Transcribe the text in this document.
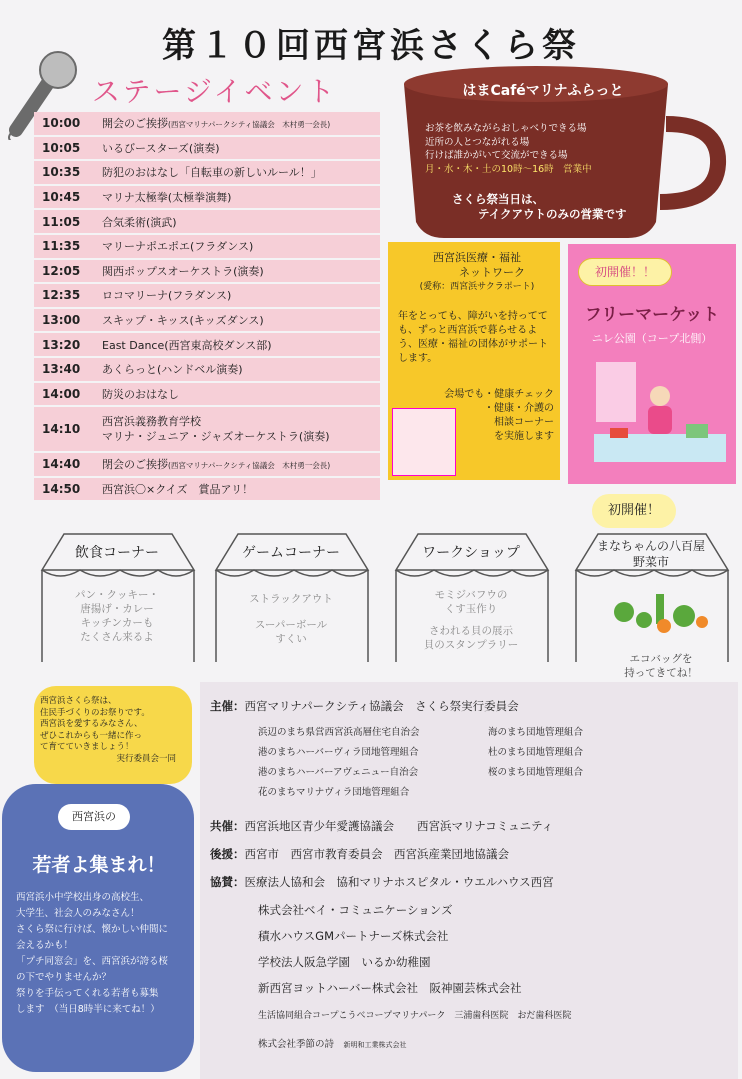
第１０回西宮浜さくら祭
ステージイベント
10:00	開会のご挨拶(西宮マリナパークシティ協議会　木村勇一会長)
10:05	いるびースターズ(演奏)
10:35	防犯のおはなし「自転車の新しいルール！」
10:45	マリナ太極拳(太極拳演舞)
11:05	合気柔術(演武)
11:35	マリーナポエポエ(フラダンス)
12:05	関西ポップスオーケストラ(演奏)
12:35	ロコマリーナ(フラダンス)
13:00	スキップ・キッス(キッズダンス)
13:20	East Dance(西宮東高校ダンス部)
13:40	あくらっと(ハンドベル演奏)
14:00	防災のおはなし
14:10
西宮浜義務教育学校
マリナ・ジュニア・ジャズオーケストラ(演奏)
14:40	閉会のご挨拶(西宮マリナパークシティ協議会　木村勇一会長)
14:50	西宮浜〇×クイズ　賞品アリ！
はまCaféマリナふらっと
お茶を飲みながらおしゃべりできる場
近所の人とつながれる場
行けば誰かがいて交流ができる場
月・水・木・土の10時～16時　営業中
さくら祭当日は、
テイクアウトのみの営業です
西宮浜医療・福祉
ネットワーク
(愛称：西宮浜サクラポート)
年をとっても、障がいを持ってても、ずっと西宮浜で暮らせるよう、医療・福祉の団体がサポートします。
会場でも・健康チェック
・健康・介護の
相談コーナー
を実施します
初開催！！
フリーマーケット
ニレ公園（コープ北側）
初開催！
飲食コーナー
パン・クッキー・
唐揚げ・カレー
キッチンカーも
たくさん来るよ
ゲームコーナー
ストラックアウト
スーパーボール
すくい
ワークショップ
モミジバフウの
くす玉作り
さわれる貝の展示
貝のスタンプラリー
まなちゃんの八百屋
野菜市
エコバッグを
持ってきてね！
西宮浜さくら祭は、
住民手づくりのお祭りです。
西宮浜を愛するみなさん、
ぜひこれからも一緒に作っ
て育てていきましょう！
実行委員会一同
西宮浜の
若者よ集まれ！
西宮浜小中学校出身の高校生、
大学生、社会人のみなさん！
さくら祭に行けば、懐かしい仲間に
会えるかも！
「プチ同窓会」を、西宮浜が誇る桜
の下でやりませんか？
祭りを手伝ってくれる若者も募集
します　（当日8時半に来てね！）
主催：西宮マリナパークシティ協議会　さくら祭実行委員会
浜辺のまち県営西宮浜高層住宅自治会	海のまち団地管理組合
港のまちハーバーヴィラ団地管理組合	杜のまち団地管理組合
港のまちハーバーアヴェニュー自治会	桜のまち団地管理組合
花のまちマリナヴィラ団地管理組合
共催：西宮浜地区青少年愛護協議会　　西宮浜マリナコミュニティ
後援：西宮市　西宮市教育委員会　西宮浜産業団地協議会
協賛：医療法人協和会　協和マリナホスピタル・ウエルハウス西宮
株式会社ベイ・コミュニケーションズ
積水ハウスGMパートナーズ株式会社
学校法人阪急学園　いるか幼稚園
新西宮ヨットハーバー株式会社　阪神園芸株式会社
生活協同組合コープこうべコープマリナパーク　三浦歯科医院　おだ歯科医院
株式会社季節の詩　 新明和工業株式会社
